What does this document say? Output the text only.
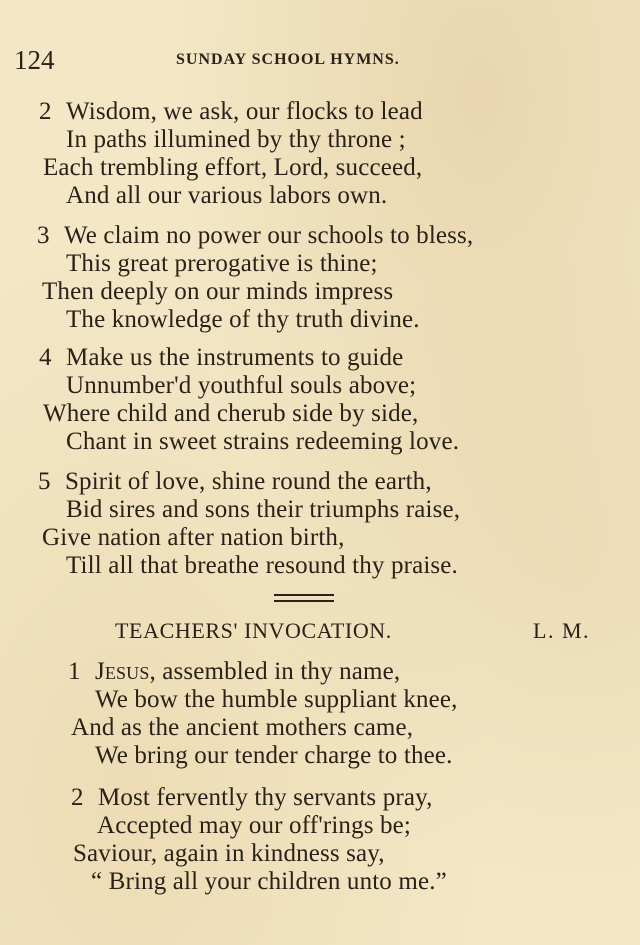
124	SUNDAY SCHOOL HYMNS.
2 Wisdom, we ask, our flocks to lead
In paths illumined by thy throne ;
Each trembling effort, Lord, succeed,
And all our various labors own.
3 We claim no power our schools to bless,
This great prerogative is thine;
Then deeply on our minds impress
The knowledge of thy truth divine.
4 Make us the instruments to guide
Unnumber'd youthful souls above;
Where child and cherub side by side,
Chant in sweet strains redeeming love.
5 Spirit of love, shine round the earth,
Bid sires and sons their triumphs raise,
Give nation after nation birth,
Till all that breathe resound thy praise.
TEACHERS' INVOCATION.	L. M.
1 Jesus, assembled in thy name,
We bow the humble suppliant knee,
And as the ancient mothers came,
We bring our tender charge to thee.
2 Most fervently thy servants pray,
Accepted may our off'rings be;
Saviour, again in kindness say,
“ Bring all your children unto me.”
